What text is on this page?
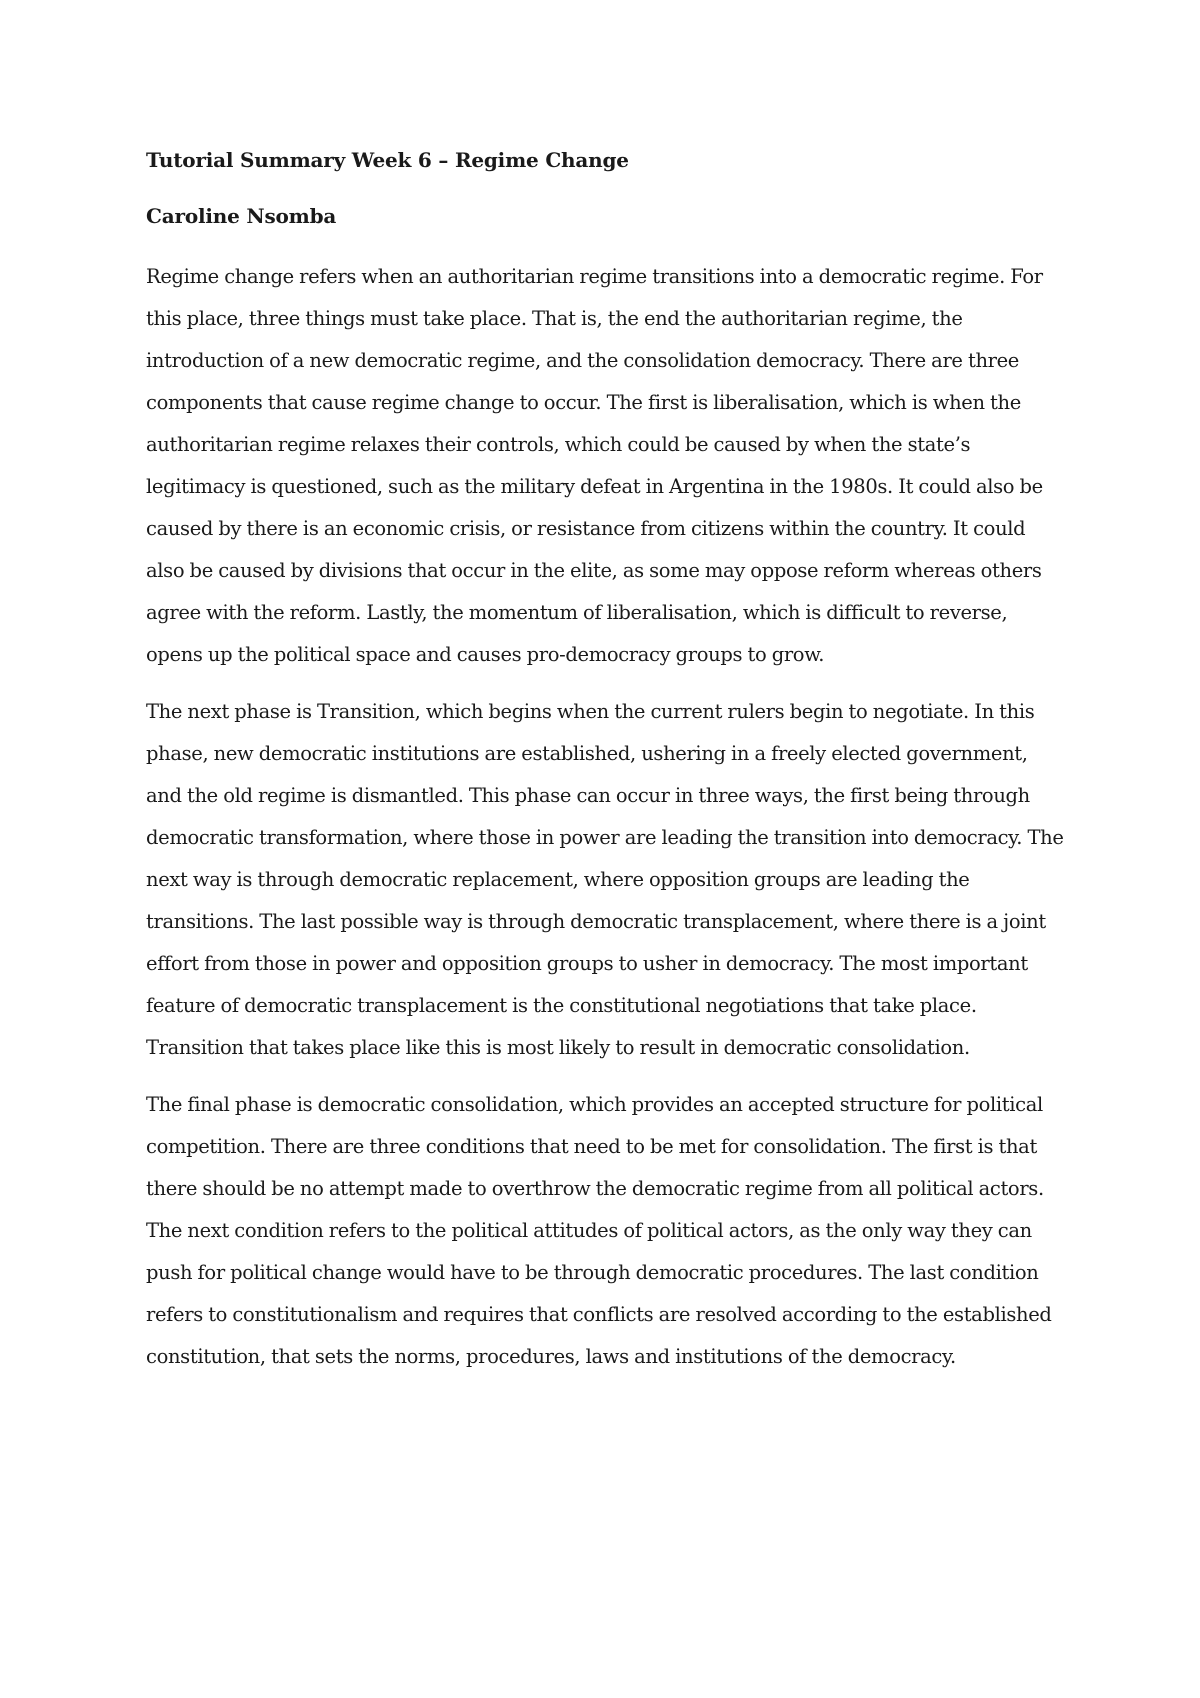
Tutorial Summary Week 6 – Regime Change
Caroline Nsomba

Regime change refers when an authoritarian regime transitions into a democratic regime. For this place, three things must take place. That is, the end the authoritarian regime, the introduction of a new democratic regime, and the consolidation democracy. There are three components that cause regime change to occur. The first is liberalisation, which is when the authoritarian regime relaxes their controls, which could be caused by when the state’s legitimacy is questioned, such as the military defeat in Argentina in the 1980s. It could also be caused by there is an economic crisis, or resistance from citizens within the country. It could also be caused by divisions that occur in the elite, as some may oppose reform whereas others agree with the reform. Lastly, the momentum of liberalisation, which is difficult to reverse, opens up the political space and causes pro-democracy groups to grow.

The next phase is Transition, which begins when the current rulers begin to negotiate. In this phase, new democratic institutions are established, ushering in a freely elected government, and the old regime is dismantled. This phase can occur in three ways, the first being through democratic transformation, where those in power are leading the transition into democracy. The next way is through democratic replacement, where opposition groups are leading the transitions. The last possible way is through democratic transplacement, where there is a joint effort from those in power and opposition groups to usher in democracy. The most important feature of democratic transplacement is the constitutional negotiations that take place. Transition that takes place like this is most likely to result in democratic consolidation.

The final phase is democratic consolidation, which provides an accepted structure for political competition. There are three conditions that need to be met for consolidation. The first is that there should be no attempt made to overthrow the democratic regime from all political actors. The next condition refers to the political attitudes of political actors, as the only way they can push for political change would have to be through democratic procedures. The last condition refers to constitutionalism and requires that conflicts are resolved according to the established constitution, that sets the norms, procedures, laws and institutions of the democracy.
